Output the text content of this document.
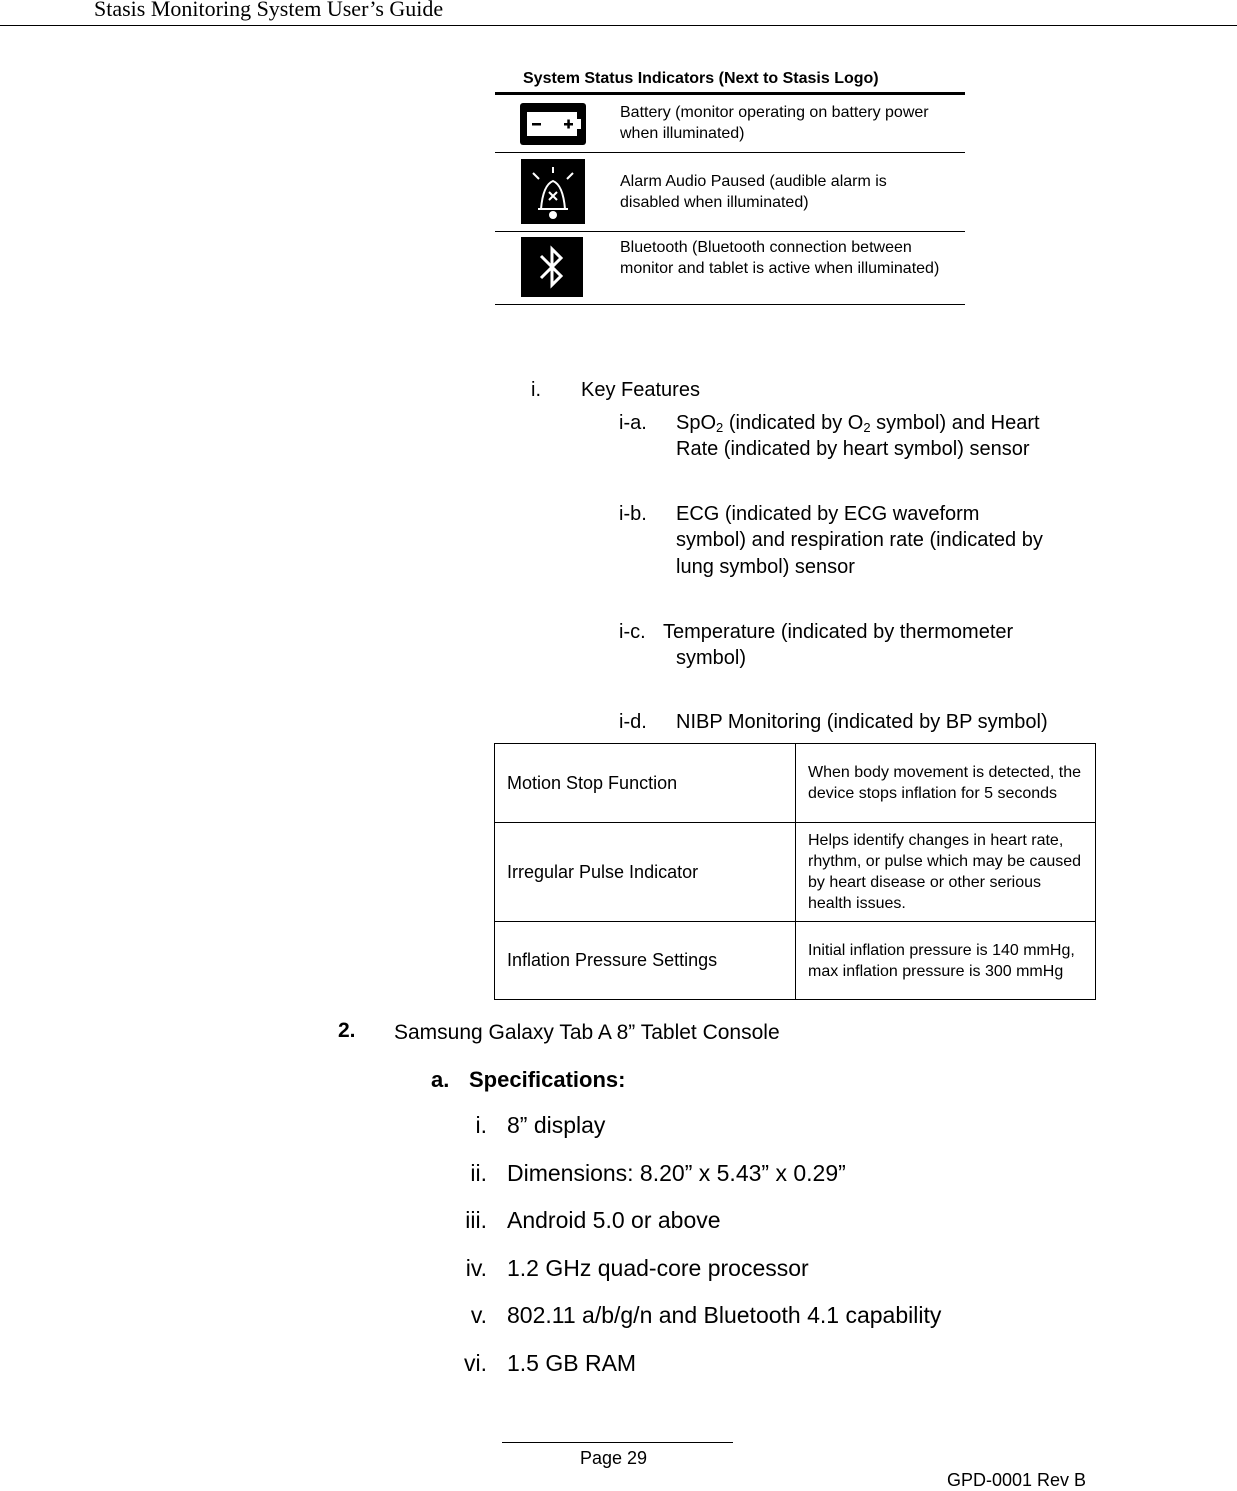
Stasis Monitoring System User’s Guide
System Status Indicators (Next to Stasis Logo)
Battery (monitor operating on battery power when illuminated)
Alarm Audio Paused (audible alarm is disabled when illuminated)
Bluetooth (Bluetooth connection between monitor and tablet is active when illuminated)
i. Key Features
i-a. SpO$_2$ (indicated by $O_2$ symbol) and Heart
Rate (indicated by heart symbol) sensor
i-b. ECG (indicated by ECG waveform
symbol) and respiration rate (indicated by
lung symbol) sensor
i-c. Temperature (indicated by thermometer
symbol)
i-d. NIBP Monitoring (indicated by BP symbol)
Motion Stop Function	When body movement is detected, the device stops inflation for 5 seconds
Irregular Pulse Indicator	Helps identify changes in heart rate, rhythm, or pulse which may be caused by heart disease or other serious health issues.
Inflation Pressure Settings	Initial inflation pressure is 140 mmHg, max inflation pressure is 300 mmHg
2. Samsung Galaxy Tab A 8” Tablet Console
a. Specifications:
i. 8” display
ii. Dimensions: 8.20” x 5.43” x 0.29”
iii. Android 5.0 or above
iv. 1.2 GHz quad-core processor
v. 802.11 a/b/g/n and Bluetooth 4.1 capability
vi. 1.5 GB RAM
Page 29
GPD-0001 Rev B
